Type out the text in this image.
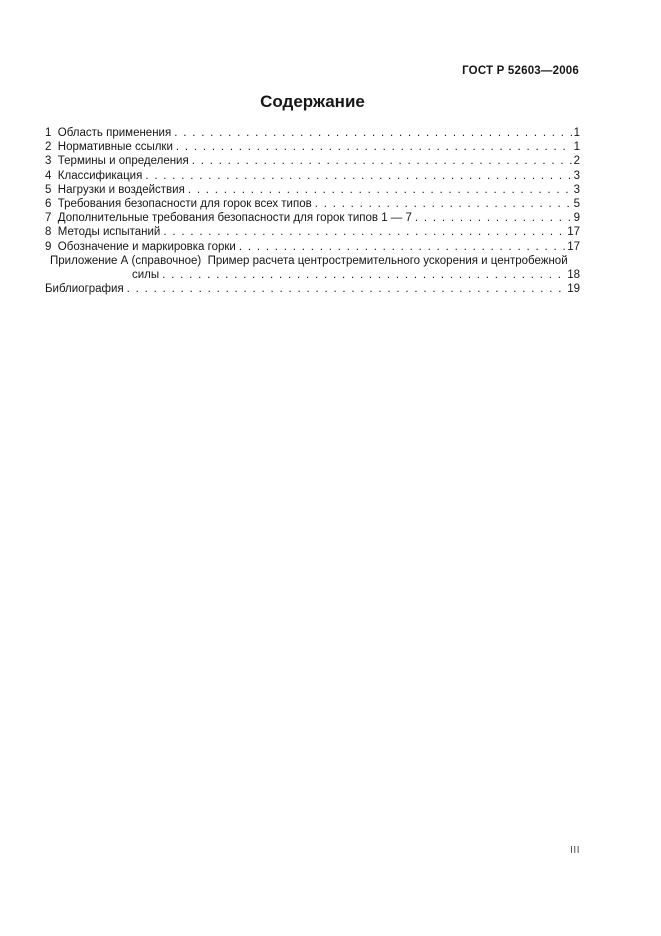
ГОСТ Р 52603—2006
Содержание
1  Область применения . . .	1
2  Нормативные ссылки . . .	1
3  Термины и определения . . .	2
4  Классификация . . .	3
5  Нагрузки и воздействия . . .	3
6  Требования безопасности для горок всех типов . . .	5
7  Дополнительные требования безопасности для горок типов 1 — 7 . . .	9
8  Методы испытаний . . .	17
9  Обозначение и маркировка горки . . .	17
Приложение А (справочное)  Пример расчета центростремительного ускорения и центробежной
силы . . .	18
Библиография . . .	19
III
